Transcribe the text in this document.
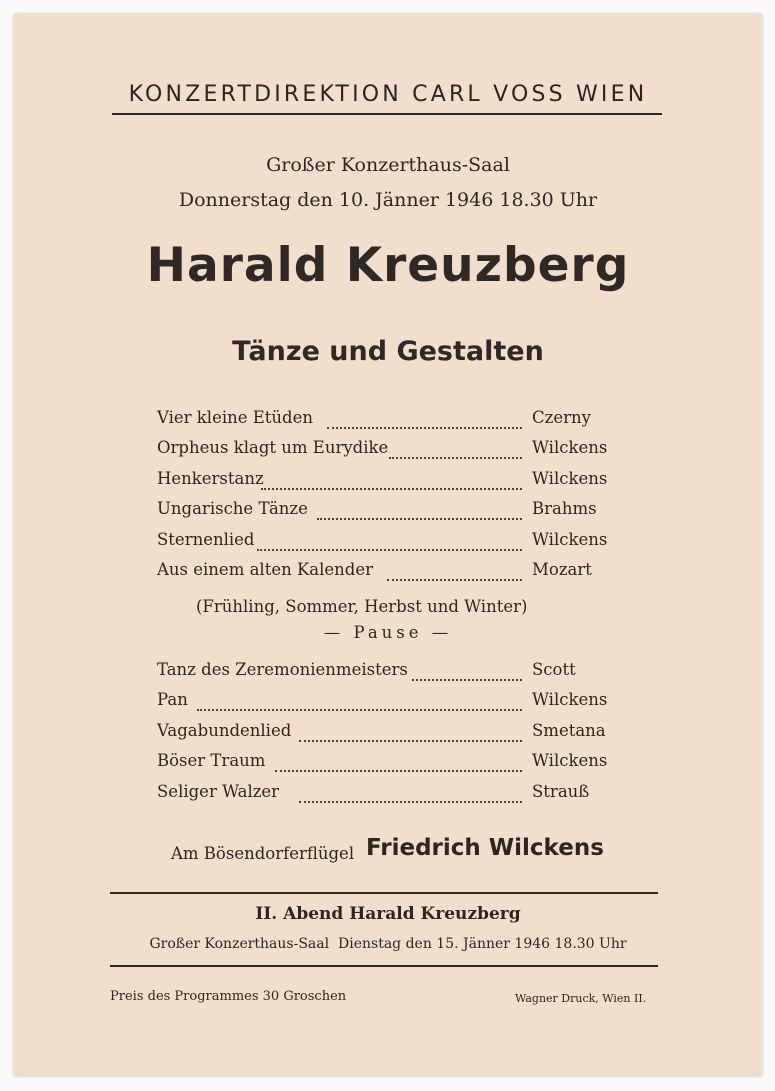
KONZERTDIREKTION CARL VOSS WIEN
Großer Konzerthaus-Saal
Donnerstag den 10. Jänner 1946 18.30 Uhr
Harald Kreuzberg
Tänze und Gestalten
Vier kleine Etüden	Czerny
Orpheus klagt um Eurydike	Wilckens
Henkerstanz	Wilckens
Ungarische Tänze	Brahms
Sternenlied	Wilckens
Aus einem alten Kalender	Mozart
(Frühling, Sommer, Herbst und Winter)
— Pause —
Tanz des Zeremonienmeisters	Scott
Pan	Wilckens
Vagabundenlied	Smetana
Böser Traum	Wilckens
Seliger Walzer	Strauß
Am Bösendorferflügel Friedrich Wilckens
II. Abend Harald Kreuzberg
Großer Konzerthaus-Saal  Dienstag den 15. Jänner 1946 18.30 Uhr
Preis des Programmes 30 Groschen	Wagner Druck, Wien II.
